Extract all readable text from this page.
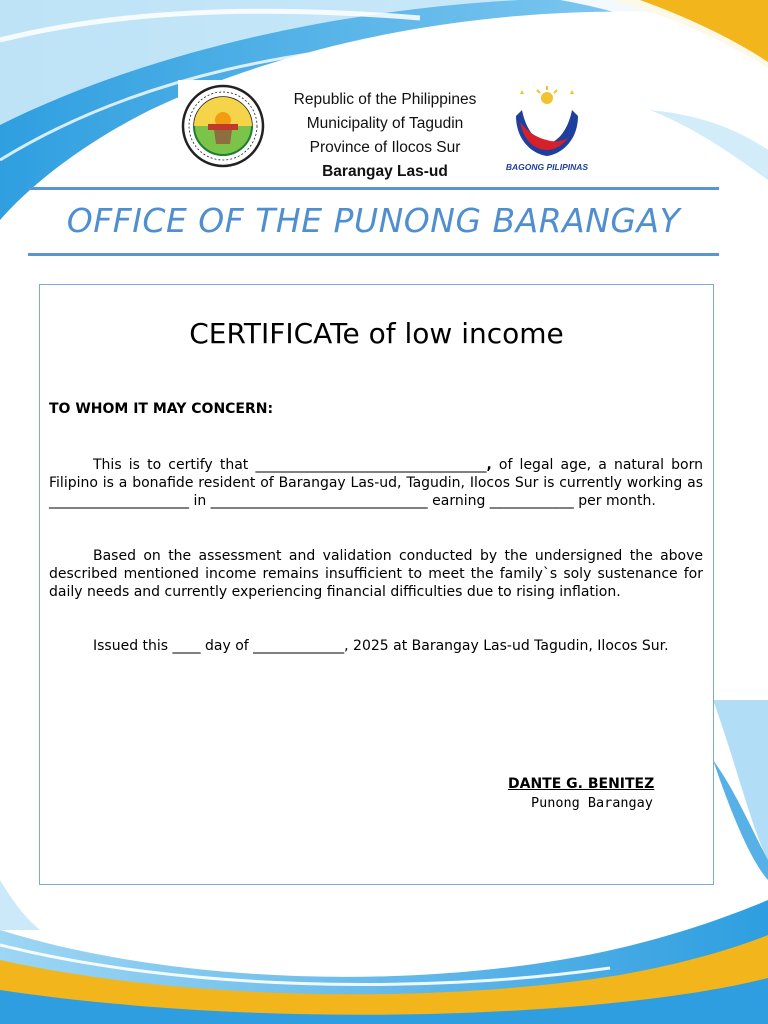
BAGONG PILIPINAS
Republic of the Philippines
Municipality of Tagudin
Province of Ilocos Sur
Barangay Las-ud
OFFICE OF THE PUNONG BARANGAY
CERTIFICATe of low income
TO WHOM IT MAY CONCERN:

This is to certify that _________________________________, of legal age, a natural born Filipino is a bonafide resident of Barangay Las-ud, Tagudin, Ilocos Sur is currently working as ____________________ in _______________________________ earning ____________ per month.

Based on the assessment and validation conducted by the undersigned the above described mentioned income remains insufficient to meet the family`s soly sustenance for daily needs and currently experiencing financial difficulties due to rising inflation.

Issued this ____ day of _____________, 2025 at Barangay Las-ud Tagudin, Ilocos Sur.

DANTE G. BENITEZ
Punong Barangay
